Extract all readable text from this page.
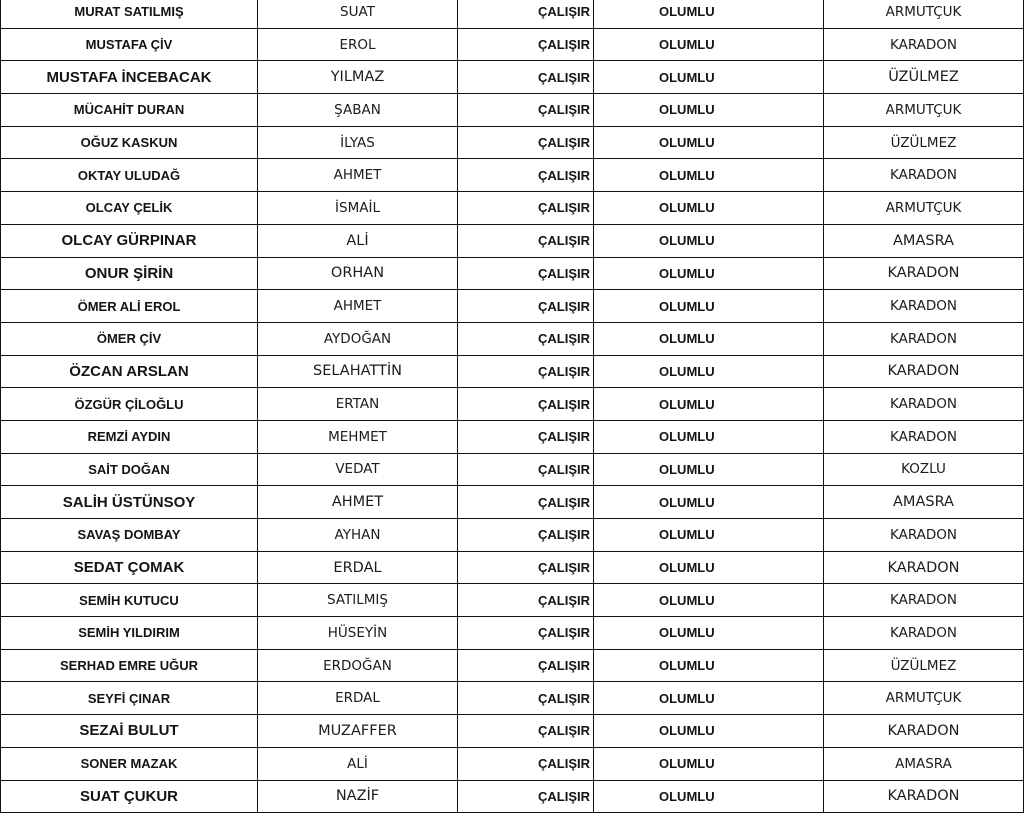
MURAT SATILMIŞ	SUAT	ÇALIŞIR	OLUMLU	ARMUTÇUK
MUSTAFA ÇİV	EROL	ÇALIŞIR	OLUMLU	KARADON
MUSTAFA İNCEBACAK	YILMAZ	ÇALIŞIR	OLUMLU	ÜZÜLMEZ
MÜCAHİT DURAN	ŞABAN	ÇALIŞIR	OLUMLU	ARMUTÇUK
OĞUZ KASKUN	İLYAS	ÇALIŞIR	OLUMLU	ÜZÜLMEZ
OKTAY ULUDAĞ	AHMET	ÇALIŞIR	OLUMLU	KARADON
OLCAY ÇELİK	İSMAİL	ÇALIŞIR	OLUMLU	ARMUTÇUK
OLCAY GÜRPINAR	ALİ	ÇALIŞIR	OLUMLU	AMASRA
ONUR ŞİRİN	ORHAN	ÇALIŞIR	OLUMLU	KARADON
ÖMER ALİ EROL	AHMET	ÇALIŞIR	OLUMLU	KARADON
ÖMER ÇİV	AYDOĞAN	ÇALIŞIR	OLUMLU	KARADON
ÖZCAN ARSLAN	SELAHATTİN	ÇALIŞIR	OLUMLU	KARADON
ÖZGÜR ÇİLOĞLU	ERTAN	ÇALIŞIR	OLUMLU	KARADON
REMZİ AYDIN	MEHMET	ÇALIŞIR	OLUMLU	KARADON
SAİT DOĞAN	VEDAT	ÇALIŞIR	OLUMLU	KOZLU
SALİH ÜSTÜNSOY	AHMET	ÇALIŞIR	OLUMLU	AMASRA
SAVAŞ DOMBAY	AYHAN	ÇALIŞIR	OLUMLU	KARADON
SEDAT ÇOMAK	ERDAL	ÇALIŞIR	OLUMLU	KARADON
SEMİH KUTUCU	SATILMIŞ	ÇALIŞIR	OLUMLU	KARADON
SEMİH YILDIRIM	HÜSEYİN	ÇALIŞIR	OLUMLU	KARADON
SERHAD EMRE UĞUR	ERDOĞAN	ÇALIŞIR	OLUMLU	ÜZÜLMEZ
SEYFİ ÇINAR	ERDAL	ÇALIŞIR	OLUMLU	ARMUTÇUK
SEZAİ BULUT	MUZAFFER	ÇALIŞIR	OLUMLU	KARADON
SONER MAZAK	ALİ	ÇALIŞIR	OLUMLU	AMASRA
SUAT ÇUKUR	NAZİF	ÇALIŞIR	OLUMLU	KARADON
